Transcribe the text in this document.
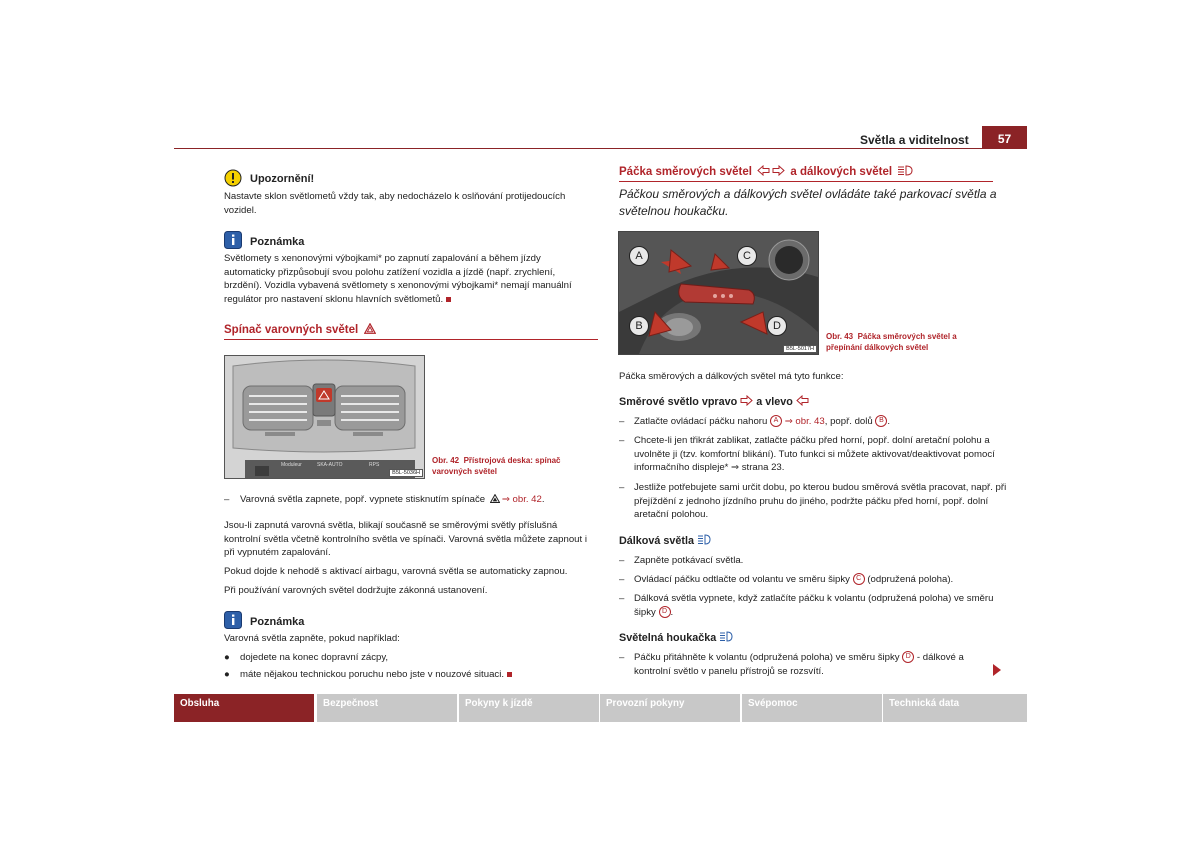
Světla a viditelnost	57
Upozornění!
Nastavte sklon světlometů vždy tak, aby nedocházelo k oslňování protijedoucích vozidel.
Poznámka
Světlomety s xenonovými výbojkami* po zapnutí zapalování a během jízdy automaticky přizpůsobují svou polohu zatížení vozidla a jízdě (např. zrychlení, brzdění). Vozidla vybavená světlomety s xenonovými výbojkami* nemají manuální regulátor pro nastavení sklonu hlavních světlometů.
Spínač varovných světel
Moduleur	SKA-AUTO	RPS
B5L-5036H
Obr. 42 Přístrojová deska: spínač varovných světel
– Varovná světla zapnete, popř. vypnete stisknutím spínače ⇒ obr. 42.
Jsou-li zapnutá varovná světla, blikají současně se směrovými světly příslušná kontrolní světla včetně kontrolního světla ve spínači. Varovná světla můžete zapnout i při vypnutém zapalování.
Pokud dojde k nehodě s aktivací airbagu, varovná světla se automaticky zapnou.
Při používání varovných světel dodržujte zákonná ustanovení.
Poznámka
Varovná světla zapněte, pokud například:
● dojedete na konec dopravní zácpy,
● máte nějakou technickou poruchu nebo jste v nouzové situaci.
Páčka směrových světel	a dálkových světel
Páčkou směrových a dálkových světel ovládáte také parkovací světla a světelnou houkačku.
A
B
C
D
B5L-5017H
Obr. 43 Páčka směrových světel a přepínání dálkových světel
Páčka směrových a dálkových světel má tyto funkce:
Směrové světlo vpravo a vlevo
– Zatlačte ovládací páčku nahoru A ⇒ obr. 43, popř. dolů B .
– Chcete-li jen třikrát zablikat, zatlačte páčku před horní, popř. dolní aretační polohu a uvolněte ji (tzv. komfortní blikání). Tuto funkci si můžete aktivovat/deaktivovat pomocí informačního displeje* ⇒ strana 23.
– Jestliže potřebujete sami určit dobu, po kterou budou směrová světla pracovat, např. při přejíždění z jednoho jízdního pruhu do jiného, podržte páčku před horní, popř. dolní aretační polohou.
Dálková světla
– Zapněte potkávací světla.
– Ovládací páčku odtlačte od volantu ve směru šipky C (odpružená poloha).
– Dálková světla vypnete, když zatlačíte páčku k volantu (odpružená poloha) ve směru šipky D .
Světelná houkačka
– Páčku přitáhněte k volantu (odpružená poloha) ve směru šipky D - dálkové a kontrolní světlo v panelu přístrojů se rozsvítí.
Obsluha	Bezpečnost	Pokyny k jízdě	Provozní pokyny	Svépomoc	Technická data
